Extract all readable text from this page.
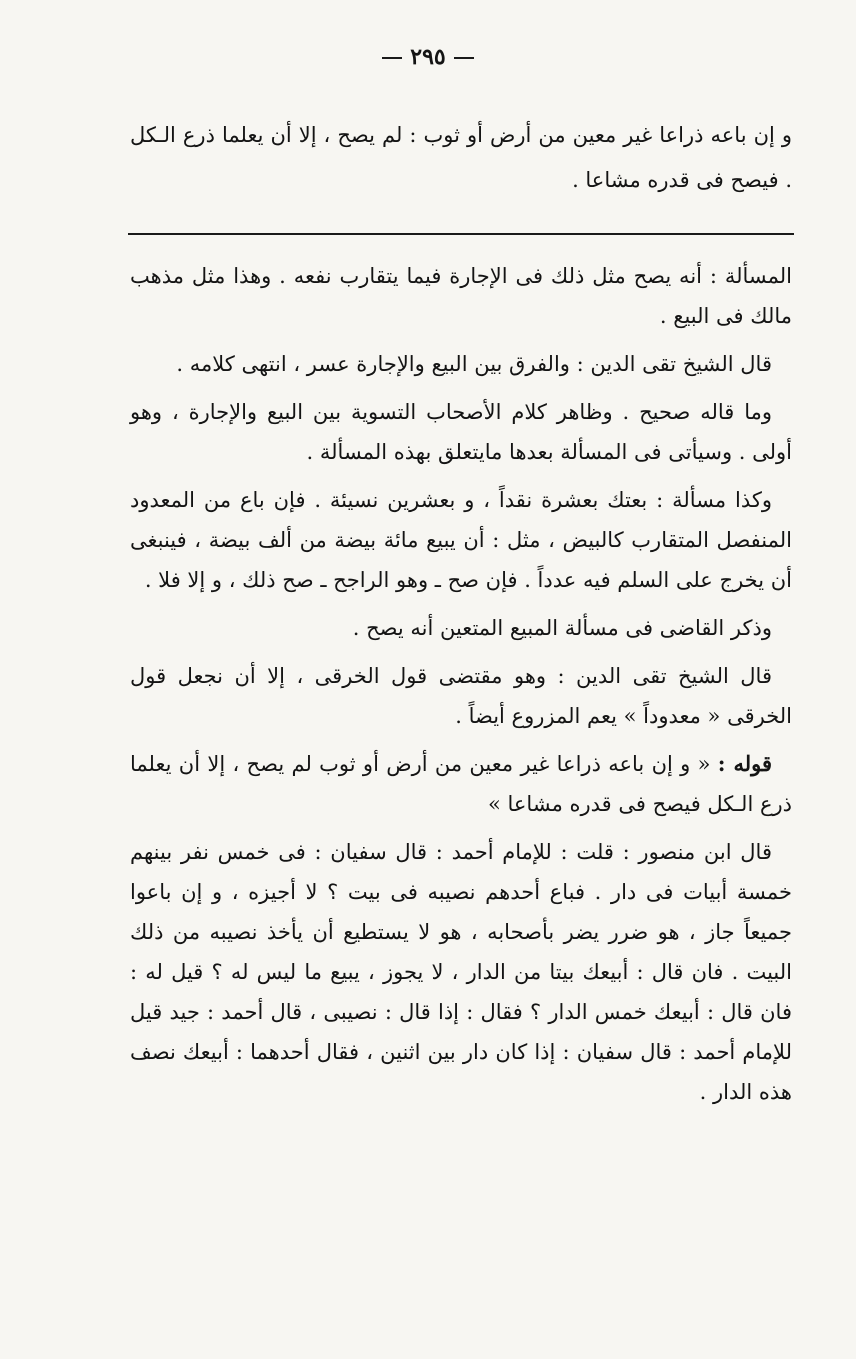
٢٩٥
و إن باعه ذراعا غير معين من أرض أو ثوب : لم يصح ، إلا أن يعلما ذرع الـكل . فيصح فى قدره مشاعا .

المسألة : أنه يصح مثل ذلك فى الإجارة فيما يتقارب نفعه . وهذا مثل مذهب مالك فى البيع .

قال الشيخ تقى الدين : والفرق بين البيع والإجارة عسر ، انتهى كلامه .

وما قاله صحيح . وظاهر كلام الأصحاب التسوية بين البيع والإجارة ، وهو أولى . وسيأتى فى المسألة بعدها مايتعلق بهذه المسألة .

وكذا مسألة : بعتك بعشرة نقداً ، و بعشرين نسيئة . فإن باع من المعدود المنفصل المتقارب كالبيض ، مثل : أن يبيع مائة بيضة من ألف بيضة ، فينبغى أن يخرج على السلم فيه عدداً . فإن صح ـ وهو الراجح ـ صح ذلك ، و إلا فلا .

وذكر القاضى فى مسألة المبيع المتعين أنه يصح .

قال الشيخ تقى الدين : وهو مقتضى قول الخرقى ، إلا أن نجعل قول الخرقى « معدوداً » يعم المزروع أيضاً .

قوله : « و إن باعه ذراعا غير معين من أرض أو ثوب لم يصح ، إلا أن يعلما ذرع الـكل فيصح فى قدره مشاعا »

قال ابن منصور : قلت : للإمام أحمد : قال سفيان : فى خمس نفر بينهم خمسة أبيات فى دار . فباع أحدهم نصيبه فى بيت ؟ لا أجيزه ، و إن باعوا جميعاً جاز ، هو ضرر يضر بأصحابه ، هو لا يستطيع أن يأخذ نصيبه من ذلك البيت . فان قال : أبيعك بيتا من الدار ، لا يجوز ، يبيع ما ليس له ؟ قيل له : فان قال : أبيعك خمس الدار ؟ فقال : إذا قال : نصيبى ، قال أحمد : جيد قيل للإمام أحمد : قال سفيان : إذا كان دار بين اثنين ، فقال أحدهما : أبيعك نصف هذه الدار .
